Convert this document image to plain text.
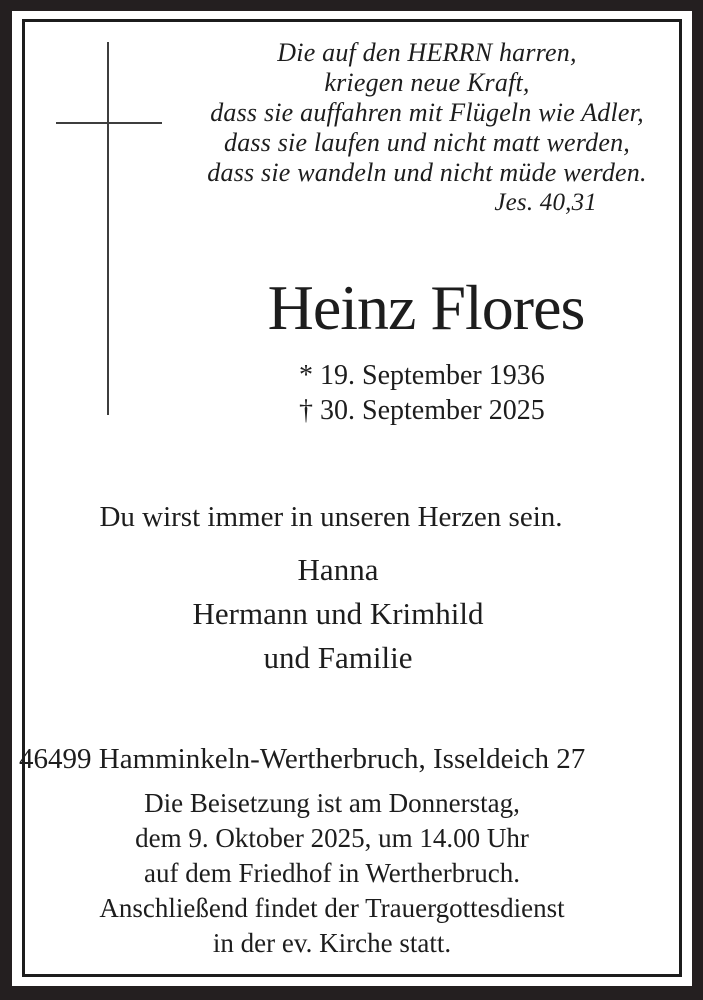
Die auf den HERRN harren,
kriegen neue Kraft,
dass sie auffahren mit Flügeln wie Adler,
dass sie laufen und nicht matt werden,
dass sie wandeln und nicht müde werden.
Jes. 40,31
Heinz Flores
* 19. September 1936
† 30. September 2025
Du wirst immer in unseren Herzen sein.
Hanna
Hermann und Krimhild
und Familie
46499 Hamminkeln-Wertherbruch, Isseldeich 27
Die Beisetzung ist am Donnerstag,
dem 9. Oktober 2025, um 14.00 Uhr
auf dem Friedhof in Wertherbruch.
Anschließend findet der Trauergottesdienst
in der ev. Kirche statt.
